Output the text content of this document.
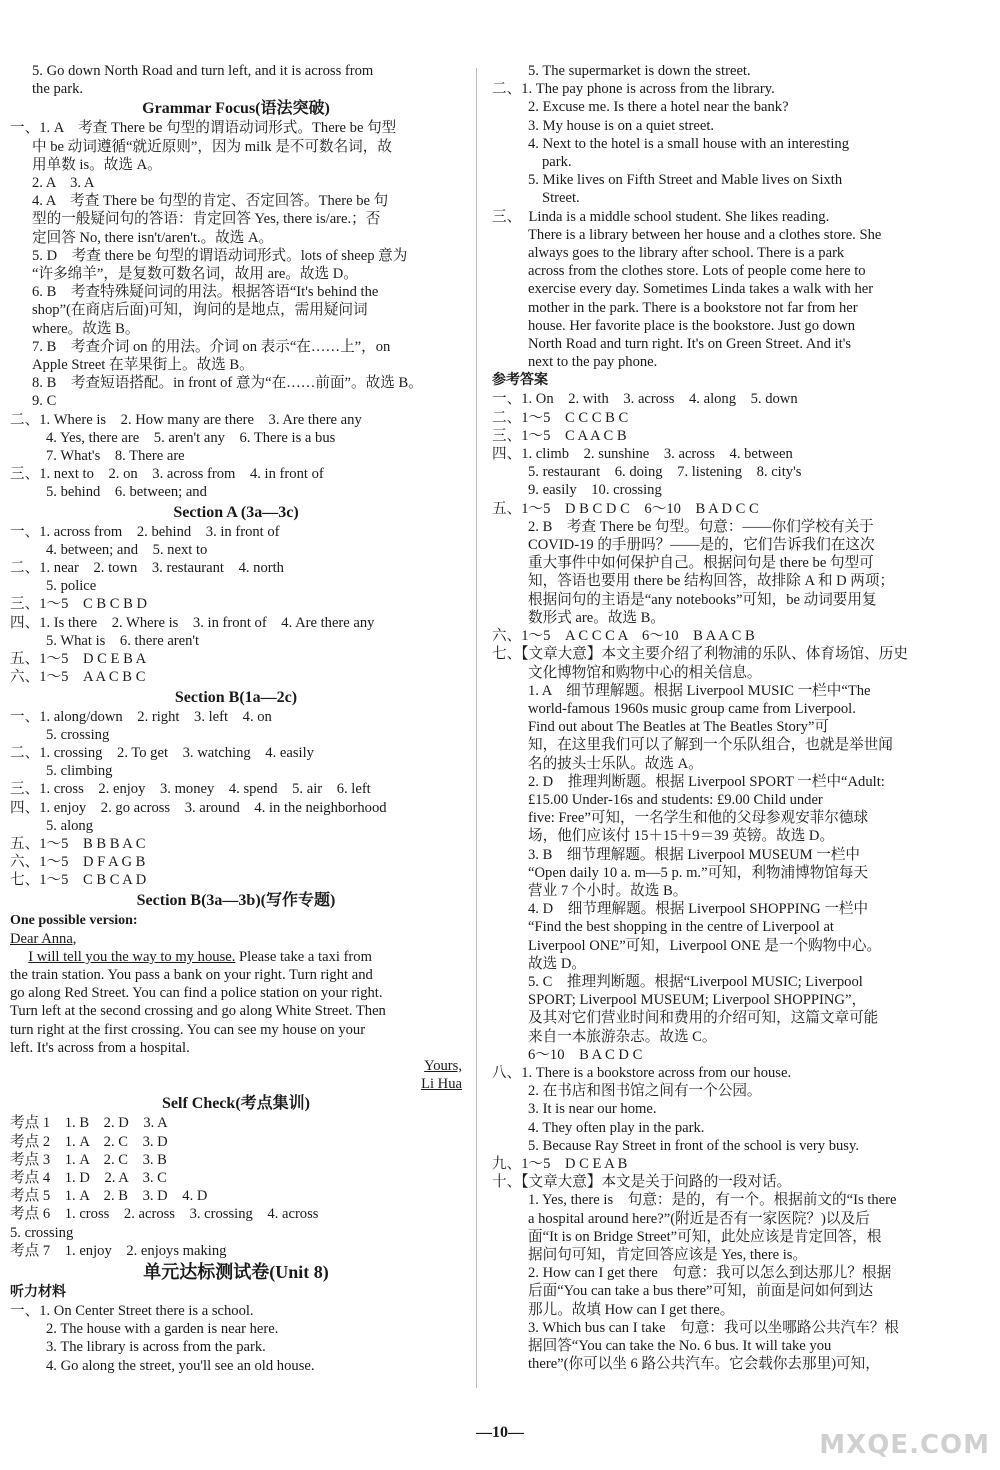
5. Go down North Road and turn left, and it is across from
the park.
Grammar Focus(语法突破)
一、1. A　考查 There be 句型的谓语动词形式。There be 句型
中 be 动词遵循“就近原则”，因为 milk 是不可数名词，故
用单数 is。故选 A。
2. A　3. A
4. A　考查 There be 句型的肯定、否定回答。There be 句
型的一般疑问句的答语：肯定回答 Yes, there is/are.；否
定回答 No, there isn't/aren't.。故选 A。
5. D　考查 there be 句型的谓语动词形式。lots of sheep 意为
“许多绵羊”，是复数可数名词，故用 are。故选 D。
6. B　考查特殊疑问词的用法。根据答语“It's behind the
shop”(在商店后面)可知，询问的是地点，需用疑问词
where。故选 B。
7. B　考查介词 on 的用法。介词 on 表示“在……上”，on
Apple Street 在苹果街上。故选 B。
8. B　考查短语搭配。in front of 意为“在……前面”。故选 B。
9. C
二、1. Where is　2. How many are there　3. Are there any
4. Yes, there are　5. aren't any　6. There is a bus
7. What's　8. There are
三、1. next to　2. on　3. across from　4. in front of
5. behind　6. between; and
Section A (3a—3c)
一、1. across from　2. behind　3. in front of
4. between; and　5. next to
二、1. near　2. town　3. restaurant　4. north
5. police
三、1～5　C B C B D
四、1. Is there　2. Where is　3. in front of　4. Are there any
5. What is　6. there aren't
五、1～5　D C E B A
六、1～5　A A C B C
Section B(1a—2c)
一、1. along/down　2. right　3. left　4. on
5. crossing
二、1. crossing　2. To get　3. watching　4. easily
5. climbing
三、1. cross　2. enjoy　3. money　4. spend　5. air　6. left
四、1. enjoy　2. go across　3. around　4. in the neighborhood
5. along
五、1～5　B B B A C
六、1～5　D F A G B
七、1～5　C B C A D
Section B(3a—3b)(写作专题)
One possible version:
Dear Anna,
  I will tell you the way to my house. Please take a taxi from
the train station. You pass a bank on your right. Turn right and
go along Red Street. You can find a police station on your right.
Turn left at the second crossing and go along White Street. Then
turn right at the first crossing. You can see my house on your
left. It's across from a hospital.
Yours,
Li Hua
Self Check(考点集训)
考点 1　1. B　2. D　3. A
考点 2　1. A　2. C　3. D
考点 3　1. A　2. C　3. B
考点 4　1. D　2. A　3. C
考点 5　1. A　2. B　3. D　4. D
考点 6　1. cross　2. across　3. crossing　4. across
5. crossing
考点 7　1. enjoy　2. enjoys making
单元达标测试卷(Unit 8)
听力材料
一、1. On Center Street there is a school.
2. The house with a garden is near here.
3. The library is across from the park.
4. Go along the street, you'll see an old house.
5. The supermarket is down the street.
二、1. The pay phone is across from the library.
2. Excuse me. Is there a hotel near the bank?
3. My house is on a quiet street.
4. Next to the hotel is a small house with an interesting
park.
5. Mike lives on Fifth Street and Mable lives on Sixth
Street.
三、　Linda is a middle school student. She likes reading.
There is a library between her house and a clothes store. She
always goes to the library after school. There is a park
across from the clothes store. Lots of people come here to
exercise every day. Sometimes Linda takes a walk with her
mother in the park. There is a bookstore not far from her
house. Her favorite place is the bookstore. Just go down
North Road and turn right. It's on Green Street. And it's
next to the pay phone.
参考答案
一、1. On　2. with　3. across　4. along　5. down
二、1～5　C C C B C
三、1～5　C A A C B
四、1. climb　2. sunshine　3. across　4. between
5. restaurant　6. doing　7. listening　8. city's
9. easily　10. crossing
五、1～5　D B C D C　6～10　B A D C C
2. B　考查 There be 句型。句意：——你们学校有关于
COVID-19 的手册吗？——是的，它们告诉我们在这次
重大事件中如何保护自己。根据问句是 there be 句型可
知，答语也要用 there be 结构回答，故排除 A 和 D 两项；
根据问句的主语是“any notebooks”可知，be 动词要用复
数形式 are。故选 B。
六、1～5　A C C C A　6～10　B A A C B
七、【文章大意】本文主要介绍了利物浦的乐队、体育场馆、历史
文化博物馆和购物中心的相关信息。
1. A　细节理解题。根据 Liverpool MUSIC 一栏中“The
world-famous 1960s music group came from Liverpool.
Find out about The Beatles at The Beatles Story”可
知，在这里我们可以了解到一个乐队组合，也就是举世闻
名的披头士乐队。故选 A。
2. D　推理判断题。根据 Liverpool SPORT 一栏中“Adult:
£15.00 Under-16s and students: £9.00 Child under
five: Free”可知，一名学生和他的父母参观安菲尔德球
场，他们应该付 15＋15＋9＝39 英镑。故选 D。
3. B　细节理解题。根据 Liverpool MUSEUM 一栏中
“Open daily 10 a. m—5 p. m.”可知，利物浦博物馆每天
营业 7 个小时。故选 B。
4. D　细节理解题。根据 Liverpool SHOPPING 一栏中
“Find the best shopping in the centre of Liverpool at
Liverpool ONE”可知，Liverpool ONE 是一个购物中心。
故选 D。
5. C　推理判断题。根据“Liverpool MUSIC; Liverpool
SPORT; Liverpool MUSEUM; Liverpool SHOPPING”，
及其对它们营业时间和费用的介绍可知，这篇文章可能
来自一本旅游杂志。故选 C。
6～10　B A C D C
八、1. There is a bookstore across from our house.
2. 在书店和图书馆之间有一个公园。
3. It is near our home.
4. They often play in the park.
5. Because Ray Street in front of the school is very busy.
九、1～5　D C E A B
十、【文章大意】本文是关于问路的一段对话。
1. Yes, there is　句意：是的，有一个。根据前文的“Is there
a hospital around here?”(附近是否有一家医院？)以及后
面“It is on Bridge Street”可知，此处应该是肯定回答，根
据问句可知，肯定回答应该是 Yes, there is。
2. How can I get there　句意：我可以怎么到达那儿？根据
后面“You can take a bus there”可知，前面是问如何到达
那儿。故填 How can I get there。
3. Which bus can I take　句意：我可以坐哪路公共汽车？根
据回答“You can take the No. 6 bus. It will take you
there”(你可以坐 6 路公共汽车。它会载你去那里)可知，
—10—	MXQE.COM
